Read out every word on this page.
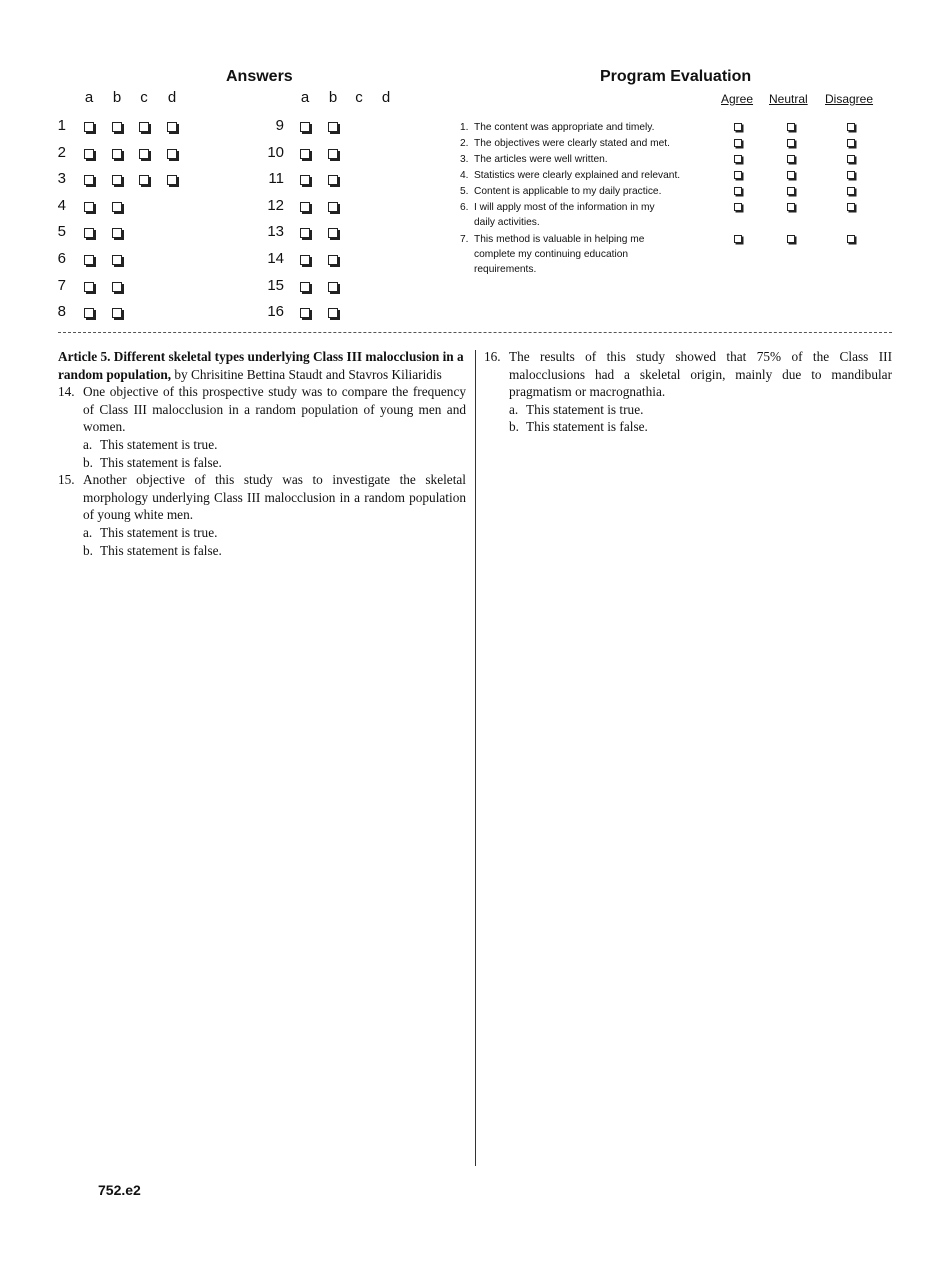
Answers
a b c d	a b c d
1
2
3
4
5
6
7
8
9
10
11
12
13
14
15
16
Program Evaluation
Agree Neutral Disagree
1. The content was appropriate and timely.
2. The objectives were clearly stated and met.
3. The articles were well written.
4. Statistics were clearly explained and relevant.
5. Content is applicable to my daily practice.
6. I will apply most of the information in my daily activities.
7. This method is valuable in helping me complete my continuing education requirements.

Article 5. Different skeletal types underlying Class III malocclusion in a random population, by Chrisitine Bettina Staudt and Stavros Kiliaridis

14. One objective of this prospective study was to compare the frequency of Class III malocclusion in a random population of young men and women.

a. This statement is true.

b. This statement is false.

15. Another objective of this study was to investigate the skeletal morphology underlying Class III malocclusion in a random population of young white men.

a. This statement is true.

b. This statement is false.

16. The results of this study showed that 75% of the Class III malocclusions had a skeletal origin, mainly due to mandibular pragmatism or macrognathia.

a. This statement is true.

b. This statement is false.

752.e2
